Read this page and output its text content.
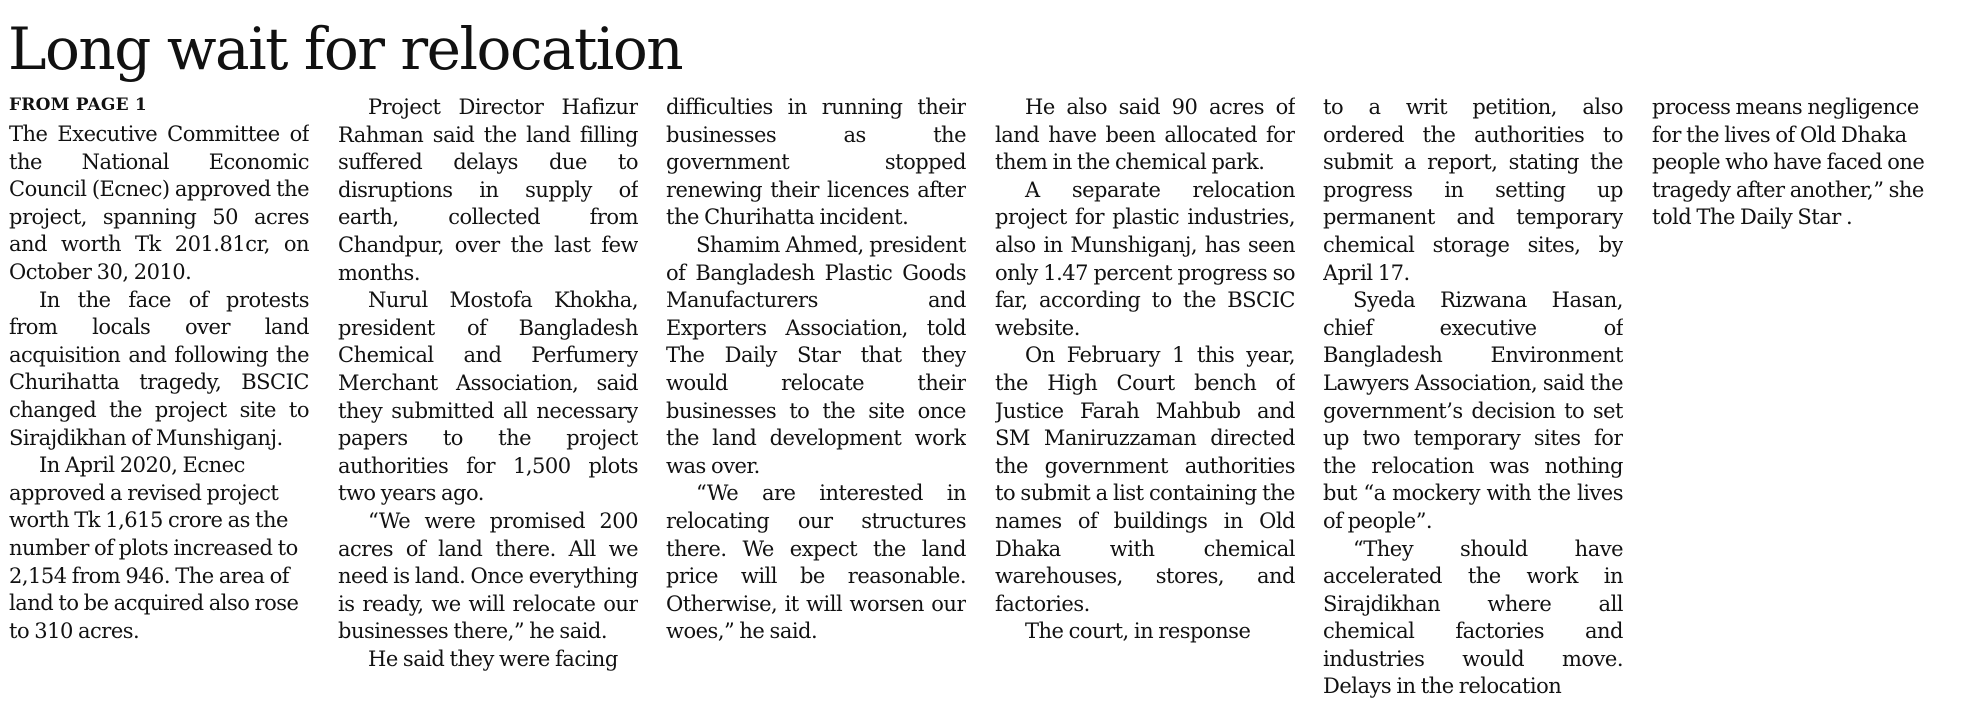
Long wait for relocation
FROM PAGE 1

The Executive Committee of the National Economic Council (Ecnec) approved the project, spanning 50 acres and worth Tk 201.81cr, on October 30, 2010.

In the face of protests from locals over land acquisition and following the Churihatta tragedy, BSCIC changed the project site to Sirajdikhan of Munshiganj.

In April 2020, Ecnec approved a revised project worth Tk 1,615 crore as the number of plots increased to 2,154 from 946. The area of land to be acquired also rose to 310 acres.

Project Director Hafizur Rahman said the land filling suffered delays due to disruptions in supply of earth, collected from Chandpur, over the last few months.

Nurul Mostofa Khokha, president of Bangladesh Chemical and Perfumery Merchant Association, said they submitted all necessary papers to the project authorities for 1,500 plots two years ago.

“We were promised 200 acres of land there. All we need is land. Once everything is ready, we will relocate our businesses there,” he said.

He said they were facing

difficulties in running their businesses as the government stopped renewing their licences after the Churihatta incident.

Shamim Ahmed, president of Bangladesh Plastic Goods Manufacturers and Exporters Association, told The Daily Star that they would relocate their businesses to the site once the land development work was over.

“We are interested in relocating our structures there. We expect the land price will be reasonable. Otherwise, it will worsen our woes,” he said.

He also said 90 acres of land have been allocated for them in the chemical park.

A separate relocation project for plastic industries, also in Munshiganj, has seen only 1.47 percent progress so far, according to the BSCIC website.

On February 1 this year, the High Court bench of Justice Farah Mahbub and SM Maniruzzaman directed the government authorities to submit a list containing the names of buildings in Old Dhaka with chemical warehouses, stores, and factories.

The court, in response

to a writ petition, also ordered the authorities to submit a report, stating the progress in setting up permanent and temporary chemical storage sites, by April 17.

Syeda Rizwana Hasan, chief executive of Bangladesh Environment Lawyers Association, said the government’s decision to set up two temporary sites for the relocation was nothing but “a mockery with the lives of people”.

“They should have accelerated the work in Sirajdikhan where all chemical factories and industries would move. Delays in the relocation

process means negligence for the lives of Old Dhaka people who have faced one tragedy after another,” she told The Daily Star .
